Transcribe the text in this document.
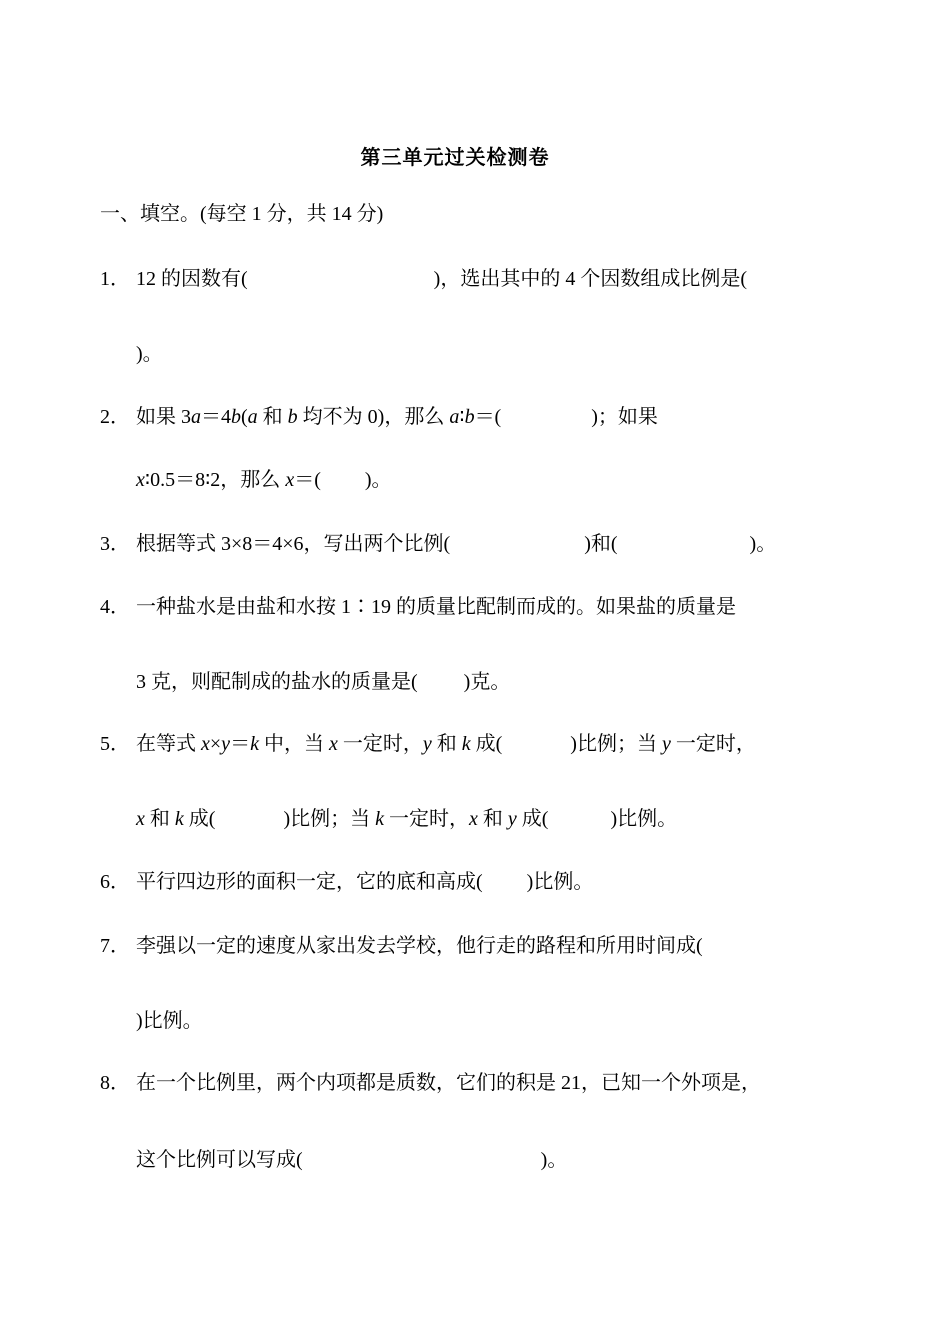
第三单元过关检测卷
一、填空。(每空 1 分，共 14 分)
1． 12 的因数有(	)，选出其中的 4 个因数组成比例是(
)。
2． 如果 3a＝4b(a 和 b 均不为 0)，那么 a∶b＝(	)；如果
x∶0.5＝8∶2，那么 x＝( )。
3． 根据等式 3×8＝4×6，写出两个比例(	)和(	)。
4． 一种盐水是由盐和水按 1∶19 的质量比配制而成的。如果盐的质量是
3 克，则配制成的盐水的质量是( )克。
5． 在等式 x×y＝k 中，当 x 一定时，y 和 k 成(	)比例；当 y 一定时，
x 和 k 成(	)比例；当 k 一定时，x 和 y 成(	)比例。
6． 平行四边形的面积一定，它的底和高成( )比例。
7． 李强以一定的速度从家出发去学校，他行走的路程和所用时间成(
)比例。
8． 在一个比例里，两个内项都是质数，它们的积是 21，已知一个外项是，
这个比例可以写成(	)。
